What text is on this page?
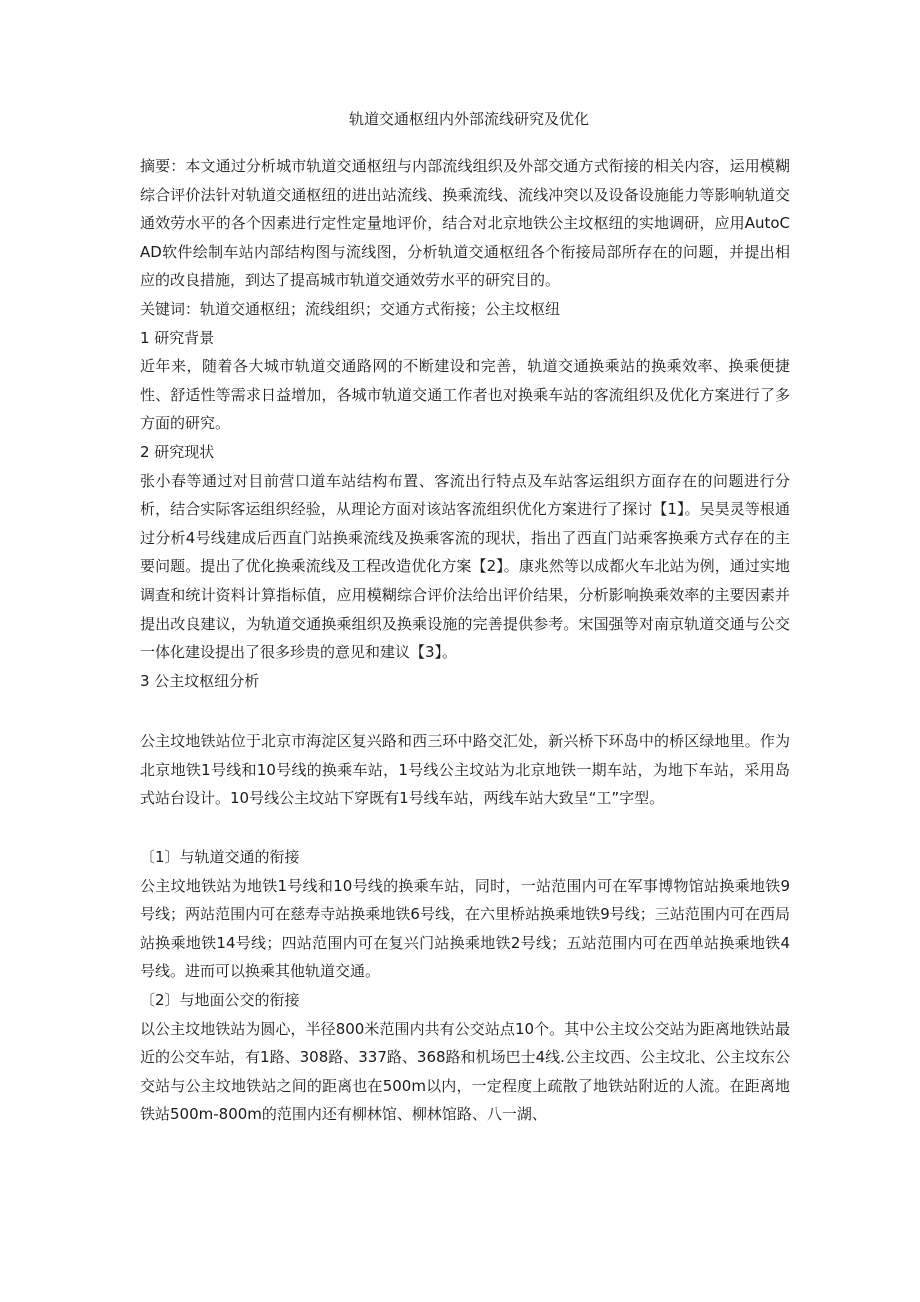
轨道交通枢纽内外部流线研究及优化

摘要：本文通过分析城市轨道交通枢纽与内部流线组织及外部交通方式衔接的相关内容，运用模糊综合评价法针对轨道交通枢纽的进出站流线、换乘流线、流线冲突以及设备设施能力等影响轨道交通效劳水平的各个因素进行定性定量地评价，结合对北京地铁公主坟枢纽的实地调研，应用AutoCAD软件绘制车站内部结构图与流线图，分析轨道交通枢纽各个衔接局部所存在的问题，并提出相应的改良措施，到达了提高城市轨道交通效劳水平的研究目的。

关键词：轨道交通枢纽；流线组织；交通方式衔接；公主坟枢纽

1 研究背景

近年来，随着各大城市轨道交通路网的不断建设和完善，轨道交通换乘站的换乘效率、换乘便捷性、舒适性等需求日益增加，各城市轨道交通工作者也对换乘车站的客流组织及优化方案进行了多方面的研究。

2 研究现状

张小春等通过对目前营口道车站结构布置、客流出行特点及车站客运组织方面存在的问题进行分析，结合实际客运组织经验，从理论方面对该站客流组织优化方案进行了探讨【1】。吴昊灵等根通过分析4号线建成后西直门站换乘流线及换乘客流的现状，指出了西直门站乘客换乘方式存在的主要问题。提出了优化换乘流线及工程改造优化方案【2】。康兆然等以成都火车北站为例，通过实地调查和统计资料计算指标值，应用模糊综合评价法给出评价结果，分析影响换乘效率的主要因素并提出改良建议，为轨道交通换乘组织及换乘设施的完善提供参考。宋国强等对南京轨道交通与公交一体化建设提出了很多珍贵的意见和建议【3】。

3 公主坟枢纽分析

公主坟地铁站位于北京市海淀区复兴路和西三环中路交汇处，新兴桥下环岛中的桥区绿地里。作为北京地铁1号线和10号线的换乘车站，1号线公主坟站为北京地铁一期车站，为地下车站，采用岛式站台设计。10号线公主坟站下穿既有1号线车站，两线车站大致呈“工”字型。

〔1〕与轨道交通的衔接

公主坟地铁站为地铁1号线和10号线的换乘车站，同时，一站范围内可在军事博物馆站换乘地铁9号线；两站范围内可在慈寿寺站换乘地铁6号线，在六里桥站换乘地铁9号线；三站范围内可在西局站换乘地铁14号线；四站范围内可在复兴门站换乘地铁2号线；五站范围内可在西单站换乘地铁4号线。进而可以换乘其他轨道交通。

〔2〕与地面公交的衔接

以公主坟地铁站为圆心，半径800米范围内共有公交站点10个。其中公主坟公交站为距离地铁站最近的公交车站，有1路、308路、337路、368路和机场巴士4线.公主坟西、公主坟北、公主坟东公交站与公主坟地铁站之间的距离也在500m以内，一定程度上疏散了地铁站附近的人流。在距离地铁站500m-800m的范围内还有柳林馆、柳林馆路、八一湖、
